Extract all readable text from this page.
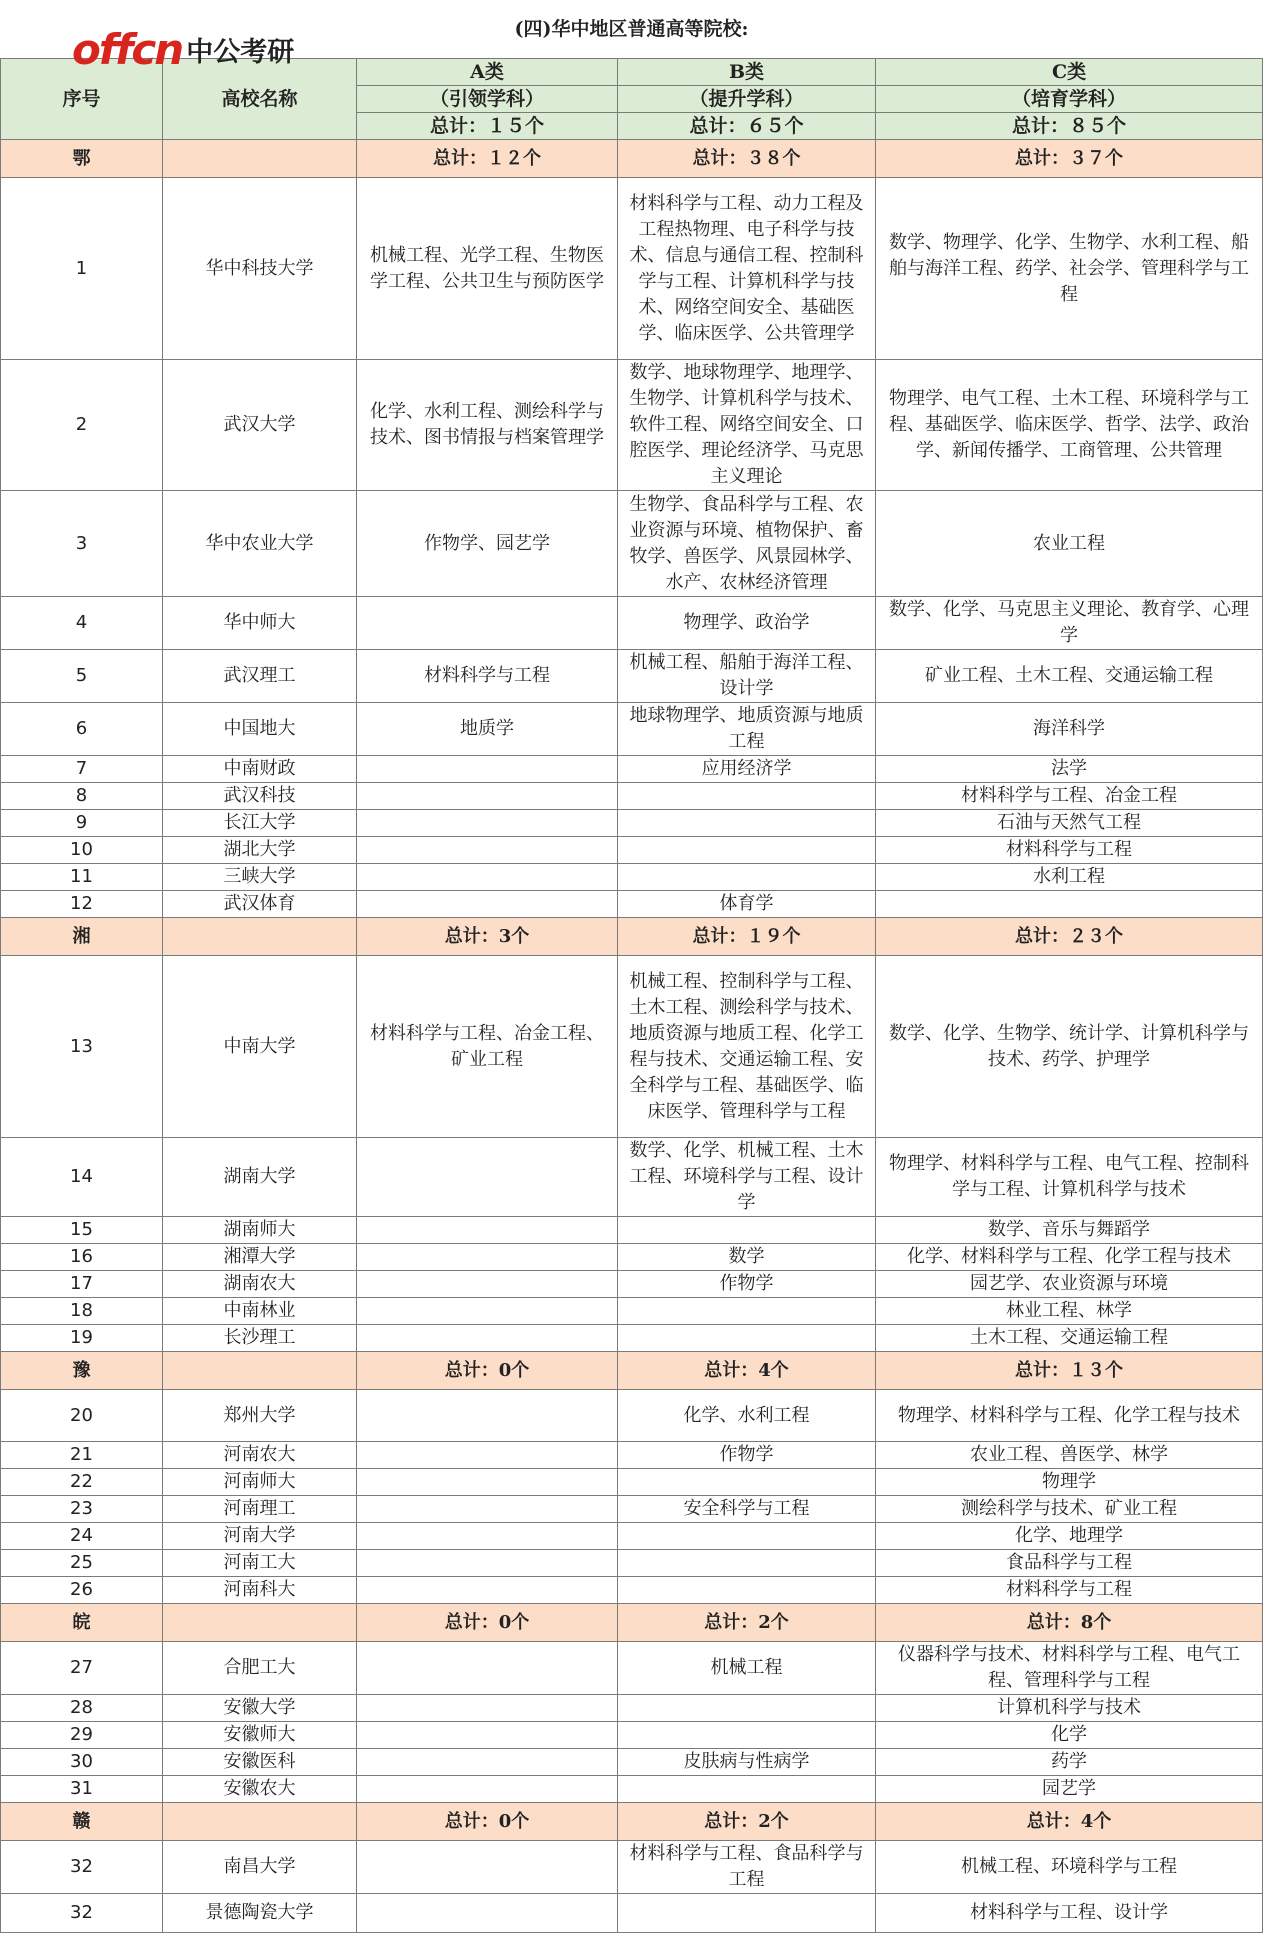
offcn 中公考研
(四)华中地区普通高等院校:				
序号	高校名称	A类	B类	C类
		（引领学科）	（提升学科）	（培育学科）
		总计：１５个	总计：６５个	总计：８５个
鄂		总计：１２个	总计：３８个	总计：３７个
1	华中科技大学	机械工程、光学工程、生物医学工程、公共卫生与预防医学	材料科学与工程、动力工程及工程热物理、电子科学与技术、信息与通信工程、控制科学与工程、计算机科学与技术、网络空间安全、基础医学、临床医学、公共管理学	数学、物理学、化学、生物学、水利工程、船舶与海洋工程、药学、社会学、管理科学与工程
2	武汉大学	化学、水利工程、测绘科学与技术、图书情报与档案管理学	数学、地球物理学、地理学、生物学、计算机科学与技术、软件工程、网络空间安全、口腔医学、理论经济学、马克思主义理论	物理学、电气工程、土木工程、环境科学与工程、基础医学、临床医学、哲学、法学、政治学、新闻传播学、工商管理、公共管理
3	华中农业大学	作物学、园艺学	生物学、食品科学与工程、农业资源与环境、植物保护、畜牧学、兽医学、风景园林学、水产、农林经济管理	农业工程
4	华中师大		物理学、政治学	数学、化学、马克思主义理论、教育学、心理学
5	武汉理工	材料科学与工程	机械工程、船舶于海洋工程、设计学	矿业工程、土木工程、交通运输工程
6	中国地大	地质学	地球物理学、地质资源与地质工程	海洋科学
7	中南财政		应用经济学	法学
8	武汉科技			材料科学与工程、冶金工程
9	长江大学			石油与天然气工程
10	湖北大学			材料科学与工程
11	三峡大学			水利工程
12	武汉体育		体育学	
湘		总计：3个	总计：１９个	总计：２３个
13	中南大学	材料科学与工程、冶金工程、矿业工程	机械工程、控制科学与工程、土木工程、测绘科学与技术、地质资源与地质工程、化学工程与技术、交通运输工程、安全科学与工程、基础医学、临床医学、管理科学与工程	数学、化学、生物学、统计学、计算机科学与技术、药学、护理学
14	湖南大学		数学、化学、机械工程、土木工程、环境科学与工程、设计学	物理学、材料科学与工程、电气工程、控制科学与工程、计算机科学与技术
15	湖南师大			数学、音乐与舞蹈学
16	湘潭大学		数学	化学、材料科学与工程、化学工程与技术
17	湖南农大		作物学	园艺学、农业资源与环境
18	中南林业			林业工程、林学
19	长沙理工			土木工程、交通运输工程
豫		总计：0个	总计：4个	总计：１３个
20	郑州大学		化学、水利工程	物理学、材料科学与工程、化学工程与技术
21	河南农大		作物学	农业工程、兽医学、林学
22	河南师大			物理学
23	河南理工		安全科学与工程	测绘科学与技术、矿业工程
24	河南大学			化学、地理学
25	河南工大			食品科学与工程
26	河南科大			材料科学与工程
皖		总计：0个	总计：2个	总计：8个
27	合肥工大		机械工程	仪器科学与技术、材料科学与工程、电气工程、管理科学与工程
28	安徽大学			计算机科学与技术
29	安徽师大			化学
30	安徽医科		皮肤病与性病学	药学
31	安徽农大			园艺学
赣		总计：0个	总计：2个	总计：4个
32	南昌大学		材料科学与工程、食品科学与工程	机械工程、环境科学与工程
32	景德陶瓷大学			材料科学与工程、设计学
